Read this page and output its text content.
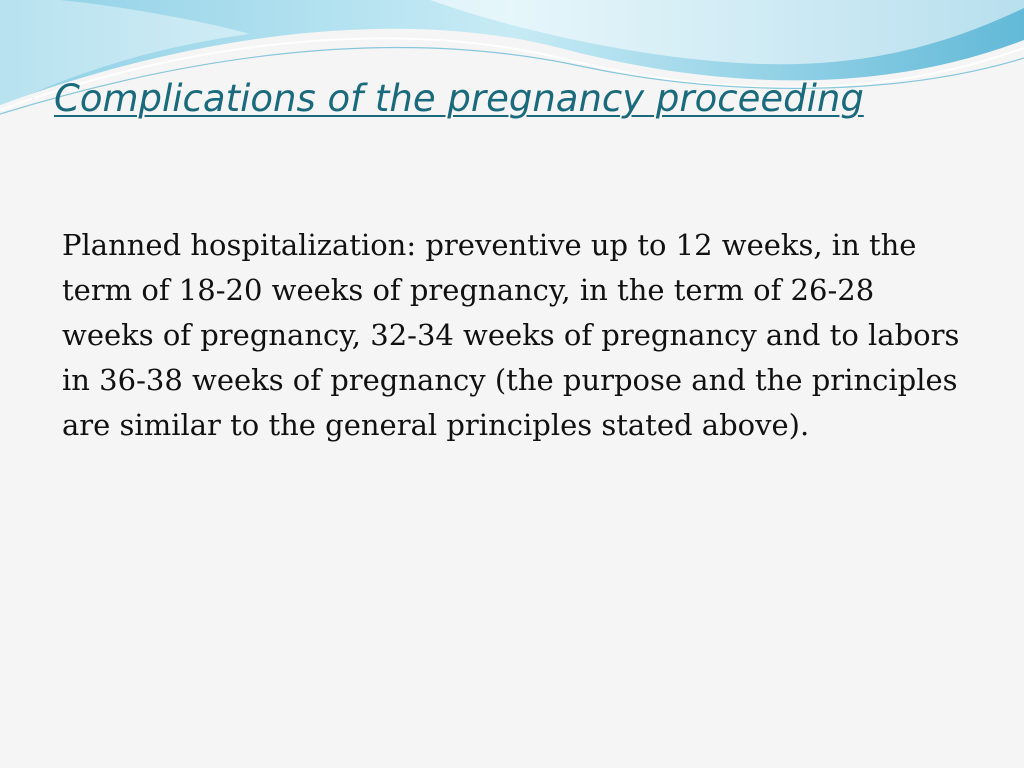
Complications of the pregnancy proceeding

Planned hospitalization: preventive up to 12 weeks, in the term of 18-20 weeks of pregnancy, in the term of 26-28 weeks of pregnancy, 32-34 weeks of pregnancy and to labors in 36-38 weeks of pregnancy (the purpose and the principles are similar to the general principles stated above).
